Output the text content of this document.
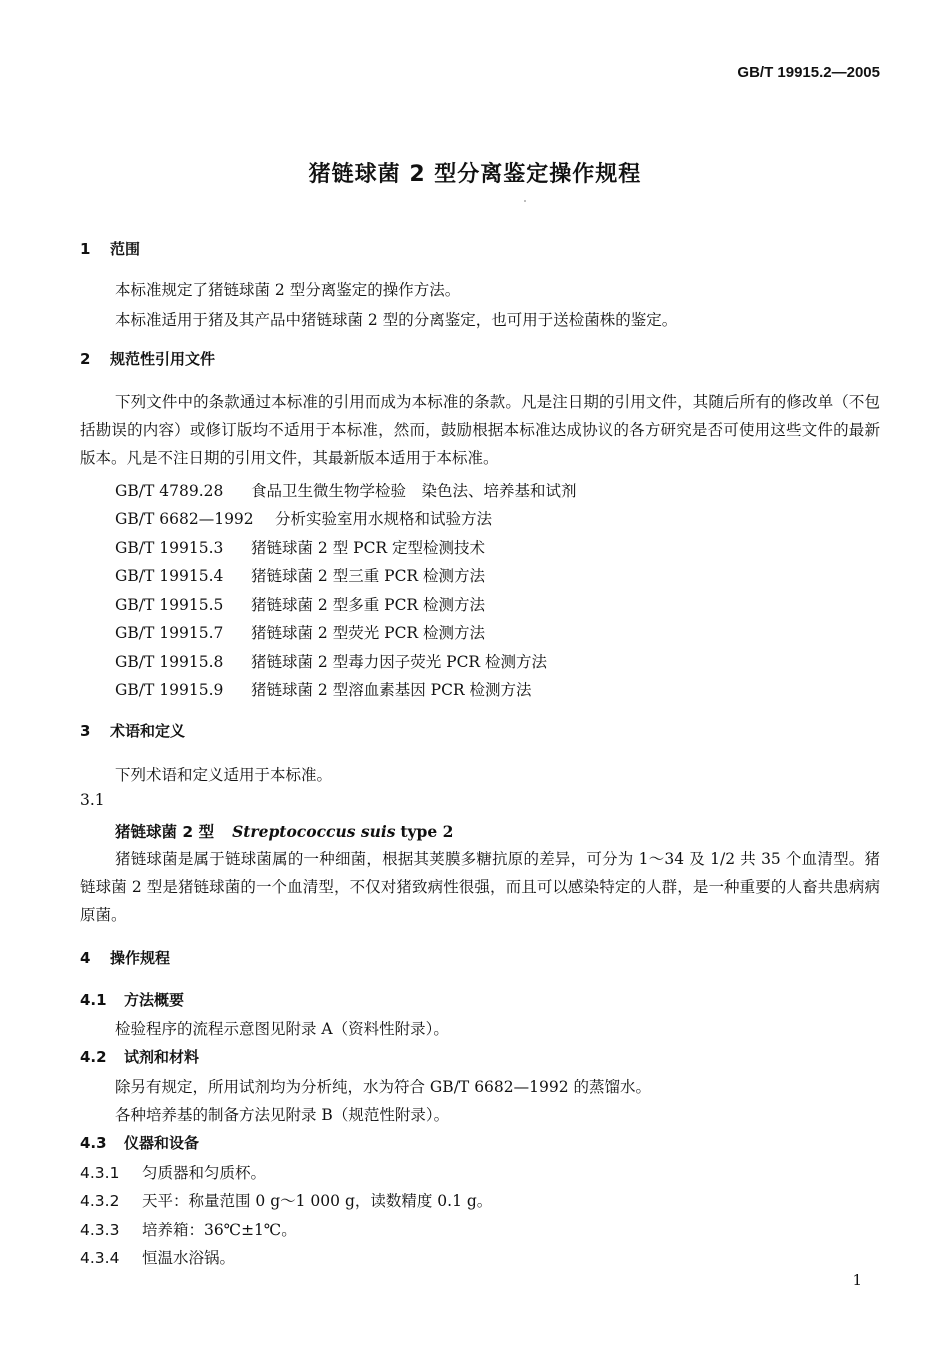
GB/T 19915.2—2005
猪链球菌 2 型分离鉴定操作规程
1 范围
本标准规定了猪链球菌 2 型分离鉴定的操作方法。
本标准适用于猪及其产品中猪链球菌 2 型的分离鉴定，也可用于送检菌株的鉴定。
2 规范性引用文件
下列文件中的条款通过本标准的引用而成为本标准的条款。凡是注日期的引用文件，其随后所有的修改单（不包括勘误的内容）或修订版均不适用于本标准，然而，鼓励根据本标准达成协议的各方研究是否可使用这些文件的最新版本。凡是不注日期的引用文件，其最新版本适用于本标准。
GB/T 4789.28 食品卫生微生物学检验　染色法、培养基和试剂
GB/T 6682—1992 分析实验室用水规格和试验方法
GB/T 19915.3 猪链球菌 2 型 PCR 定型检测技术
GB/T 19915.4 猪链球菌 2 型三重 PCR 检测方法
GB/T 19915.5 猪链球菌 2 型多重 PCR 检测方法
GB/T 19915.7 猪链球菌 2 型荧光 PCR 检测方法
GB/T 19915.8 猪链球菌 2 型毒力因子荧光 PCR 检测方法
GB/T 19915.9 猪链球菌 2 型溶血素基因 PCR 检测方法
3 术语和定义
下列术语和定义适用于本标准。
3.1
猪链球菌 2 型 Streptococcus suis type 2
猪链球菌是属于链球菌属的一种细菌，根据其荚膜多糖抗原的差异，可分为 1～34 及 1/2 共 35 个血清型。猪链球菌 2 型是猪链球菌的一个血清型，不仅对猪致病性很强，而且可以感染特定的人群，是一种重要的人畜共患病病原菌。
4 操作规程
4.1 方法概要
检验程序的流程示意图见附录 A（资料性附录）。
4.2 试剂和材料
除另有规定，所用试剂均为分析纯，水为符合 GB/T 6682—1992 的蒸馏水。
各种培养基的制备方法见附录 B（规范性附录）。
4.3 仪器和设备
4.3.1 匀质器和匀质杯。
4.3.2 天平：称量范围 0 g～1 000 g，读数精度 0.1 g。
4.3.3 培养箱：36℃±1℃。
4.3.4 恒温水浴锅。
1
